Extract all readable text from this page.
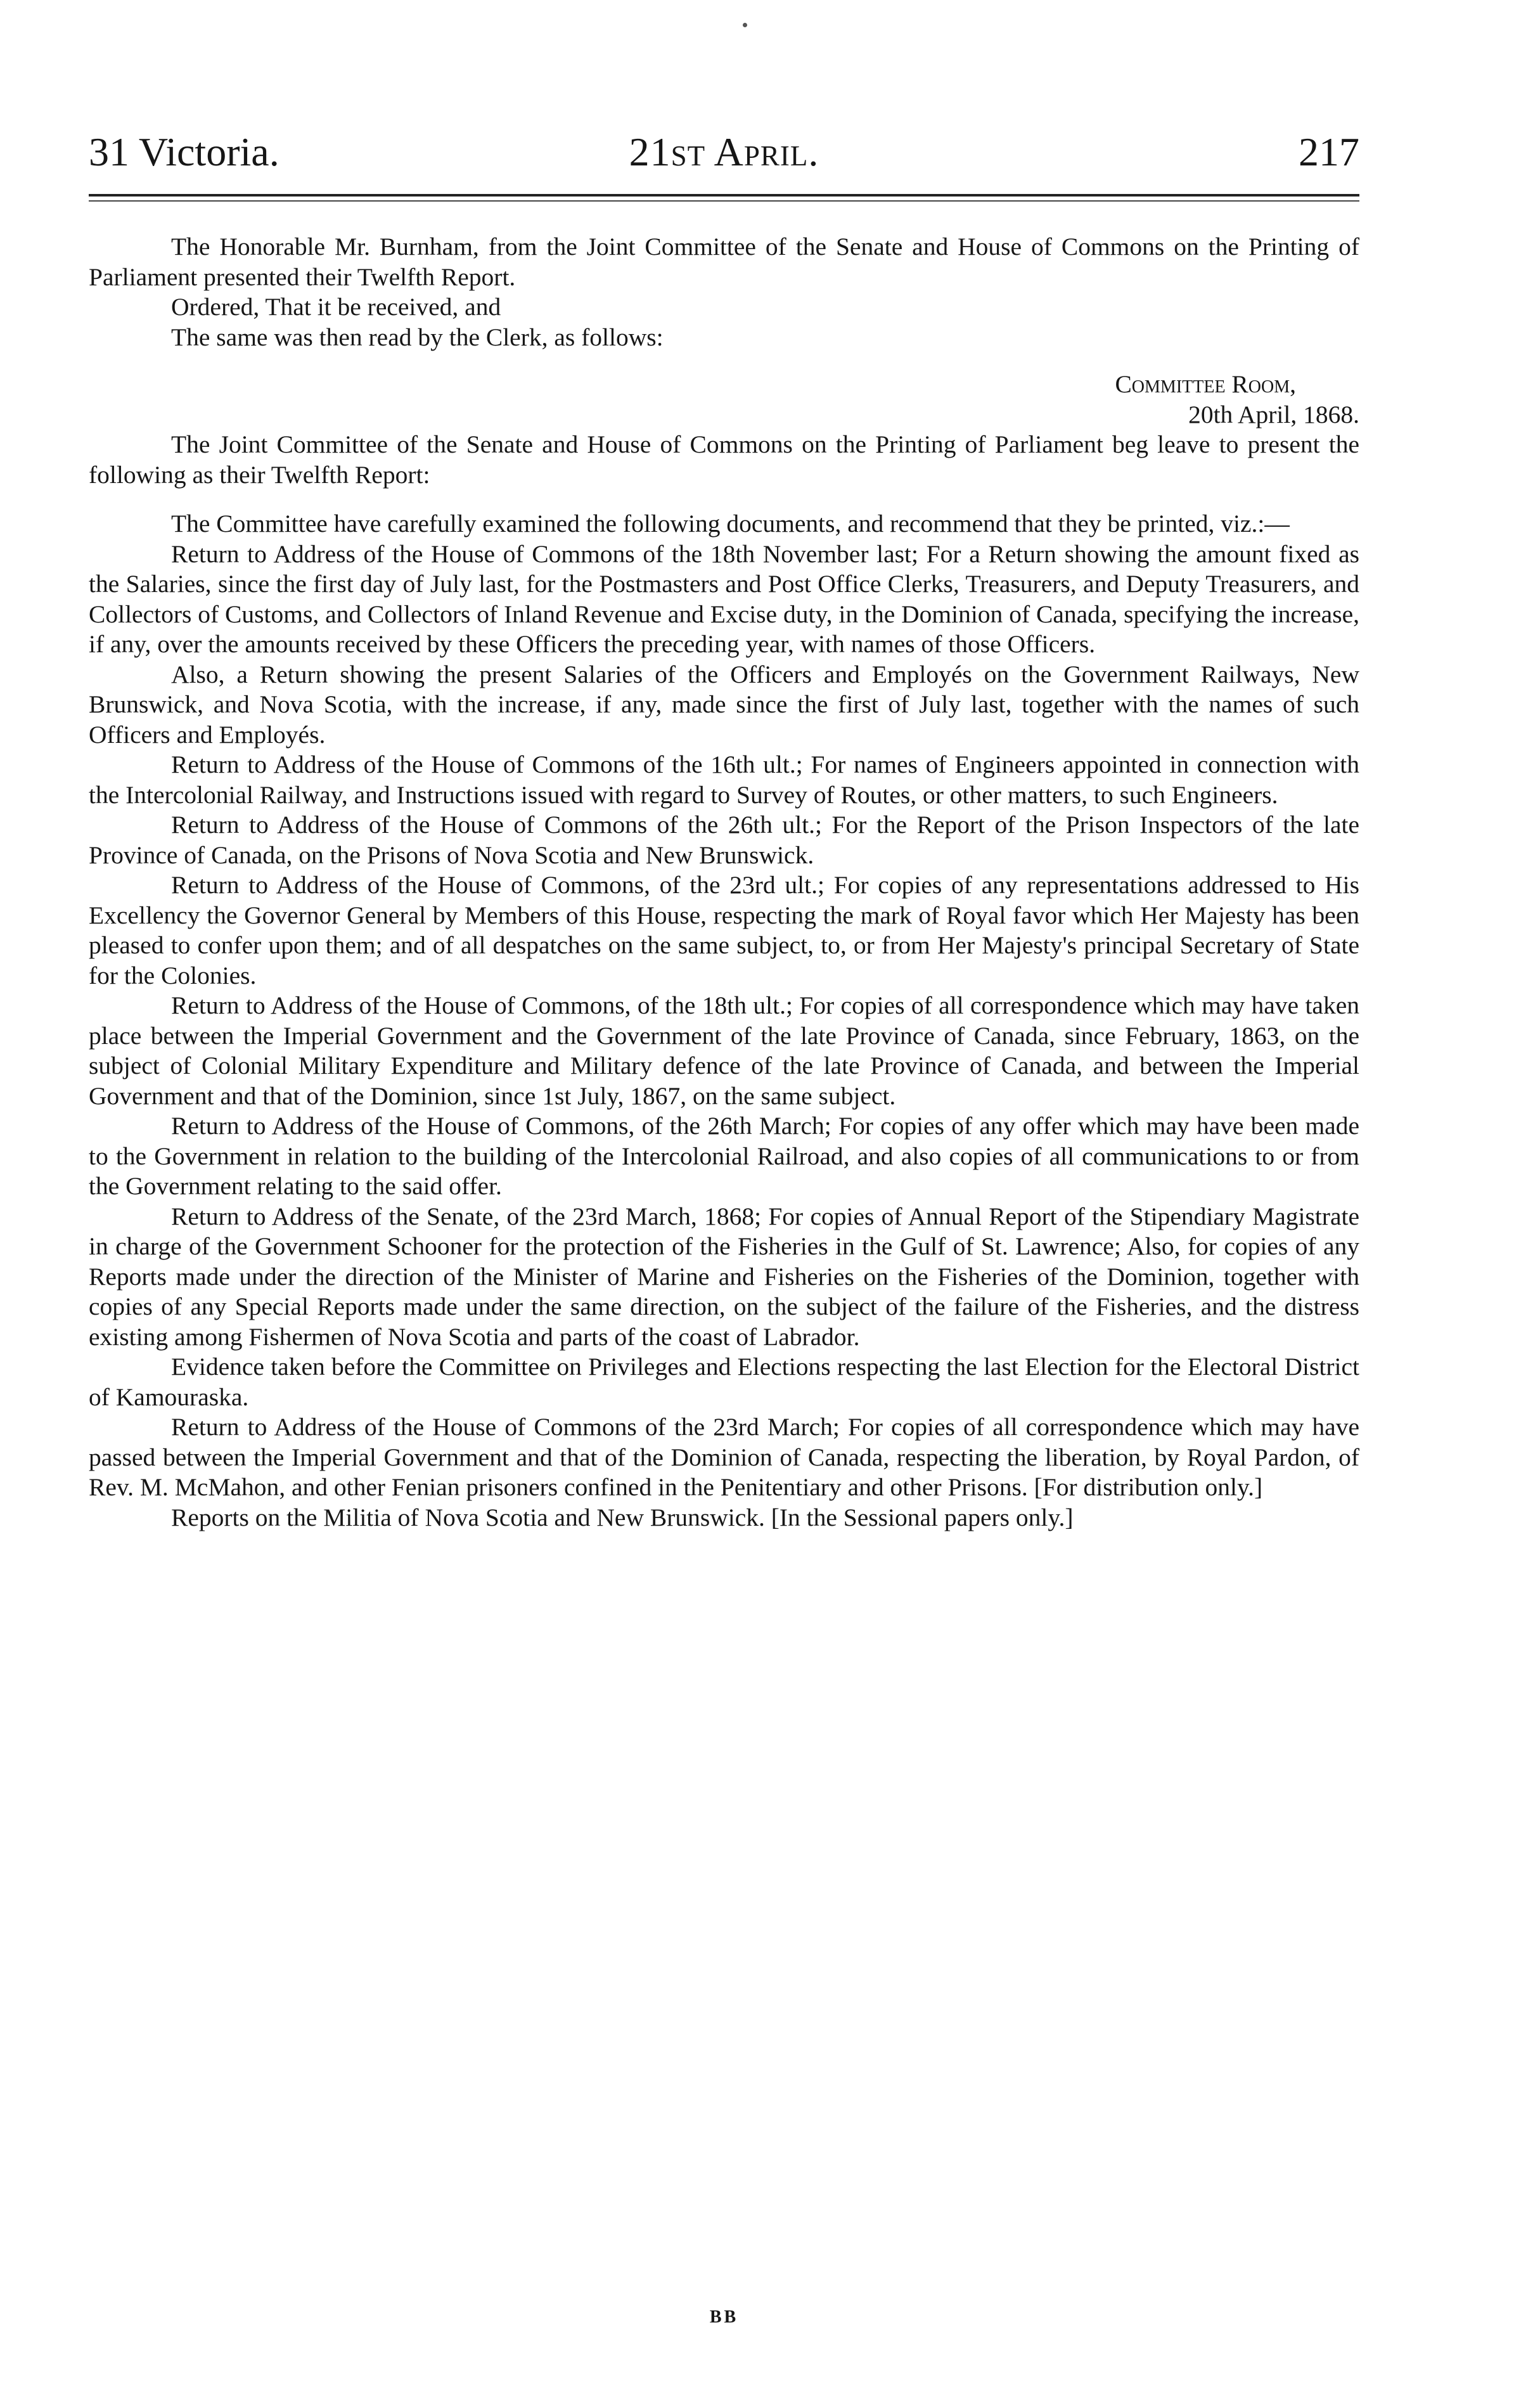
31 Victoria.	21st April.	217

The Honorable Mr. Burnham, from the Joint Committee of the Senate and House of Commons on the Printing of Parliament presented their Twelfth Report.

Ordered, That it be received, and

The same was then read by the Clerk, as follows:

Committee Room,
20th April, 1868.

The Joint Committee of the Senate and House of Commons on the Printing of Parliament beg leave to present the following as their Twelfth Report:

The Committee have carefully examined the following documents, and recommend that they be printed, viz.:—

Return to Address of the House of Commons of the 18th November last; For a Return showing the amount fixed as the Salaries, since the first day of July last, for the Postmasters and Post Office Clerks, Treasurers, and Deputy Treasurers, and Collectors of Customs, and Collectors of Inland Revenue and Excise duty, in the Dominion of Canada, specifying the increase, if any, over the amounts received by these Officers the preceding year, with names of those Officers.

Also, a Return showing the present Salaries of the Officers and Employés on the Government Railways, New Brunswick, and Nova Scotia, with the increase, if any, made since the first of July last, together with the names of such Officers and Employés.

Return to Address of the House of Commons of the 16th ult.; For names of Engineers appointed in connection with the Intercolonial Railway, and Instructions issued with regard to Survey of Routes, or other matters, to such Engineers.

Return to Address of the House of Commons of the 26th ult.; For the Report of the Prison Inspectors of the late Province of Canada, on the Prisons of Nova Scotia and New Brunswick.

Return to Address of the House of Commons, of the 23rd ult.; For copies of any representations addressed to His Excellency the Governor General by Members of this House, respecting the mark of Royal favor which Her Majesty has been pleased to confer upon them; and of all despatches on the same subject, to, or from Her Majesty's principal Secretary of State for the Colonies.

Return to Address of the House of Commons, of the 18th ult.; For copies of all correspondence which may have taken place between the Imperial Government and the Government of the late Province of Canada, since February, 1863, on the subject of Colonial Military Expenditure and Military defence of the late Province of Canada, and between the Imperial Government and that of the Dominion, since 1st July, 1867, on the same subject.

Return to Address of the House of Commons, of the 26th March; For copies of any offer which may have been made to the Government in relation to the building of the Intercolonial Railroad, and also copies of all communications to or from the Government relating to the said offer.

Return to Address of the Senate, of the 23rd March, 1868; For copies of Annual Report of the Stipendiary Magistrate in charge of the Government Schooner for the protection of the Fisheries in the Gulf of St. Lawrence; Also, for copies of any Reports made under the direction of the Minister of Marine and Fisheries on the Fisheries of the Dominion, together with copies of any Special Reports made under the same direction, on the subject of the failure of the Fisheries, and the distress existing among Fishermen of Nova Scotia and parts of the coast of Labrador.

Evidence taken before the Committee on Privileges and Elections respecting the last Election for the Electoral District of Kamouraska.

Return to Address of the House of Commons of the 23rd March; For copies of all correspondence which may have passed between the Imperial Government and that of the Dominion of Canada, respecting the liberation, by Royal Pardon, of Rev. M. McMahon, and other Fenian prisoners confined in the Penitentiary and other Prisons. [For distribution only.]

Reports on the Militia of Nova Scotia and New Brunswick. [In the Sessional papers only.]

BB
